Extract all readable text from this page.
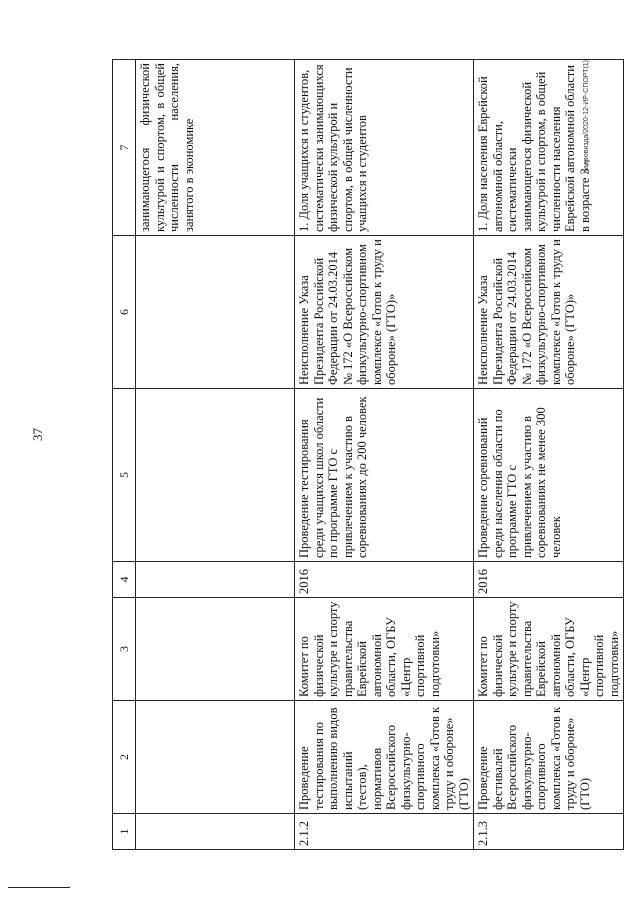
37
1	2	3	4	5	6	7
						занимающегося физической культурой и спортом, в общей численности населения, занятого в экономике
2.1.2	Проведение тестирования по выполнению видов испытаний (тестов), нормативов Всероссийского физкультурно-спортивного комплекса «Готов к труду и обороне» (ГТО)	Комитет по физической культуре и спорту правительства Еврейской автономной области, ОГБУ «Центр спортивной подготовки»	2016	Проведение тестирования среди учащихся школ области по программе ГТО с привлечением к участию в соревнованиях до 200 человек	Неисполнение Указа Президента Российской Федерации от 24.03.2014 № 172 «О Всероссийском физкультурно-спортивном комплексе «Готов к труду и обороне» (ГТО)»	1. Доля учащихся и студентов, систематически занимающихся физической культурой и спортом, в общей численности учащихся и студентов
2.1.3	Проведение фестивалей Всероссийского физкультурно-спортивного комплекса «Готов к труду и обороне» (ГТО)	Комитет по физической культуре и спорту правительства Еврейской автономной области, ОГБУ «Центр спортивной подготовки»	2016	Проведение соревнований среди населения области по программе ГТО с привлечением к участию в соревнованиях не менее 300 человек	Неисполнение Указа Президента Российской Федерации от 24.03.2014 № 172 «О Всероссийском физкультурно-спортивном комплексе «Готов к труду и обороне» (ГТО)»	1. Доля населения Еврейской автономной области, систематически занимающегося физической культурой и спортом, в общей численности населения Еврейской автономной области в возрасте 3 –
Кадровизда/2020-12-ИР-СПОРТ(1)
